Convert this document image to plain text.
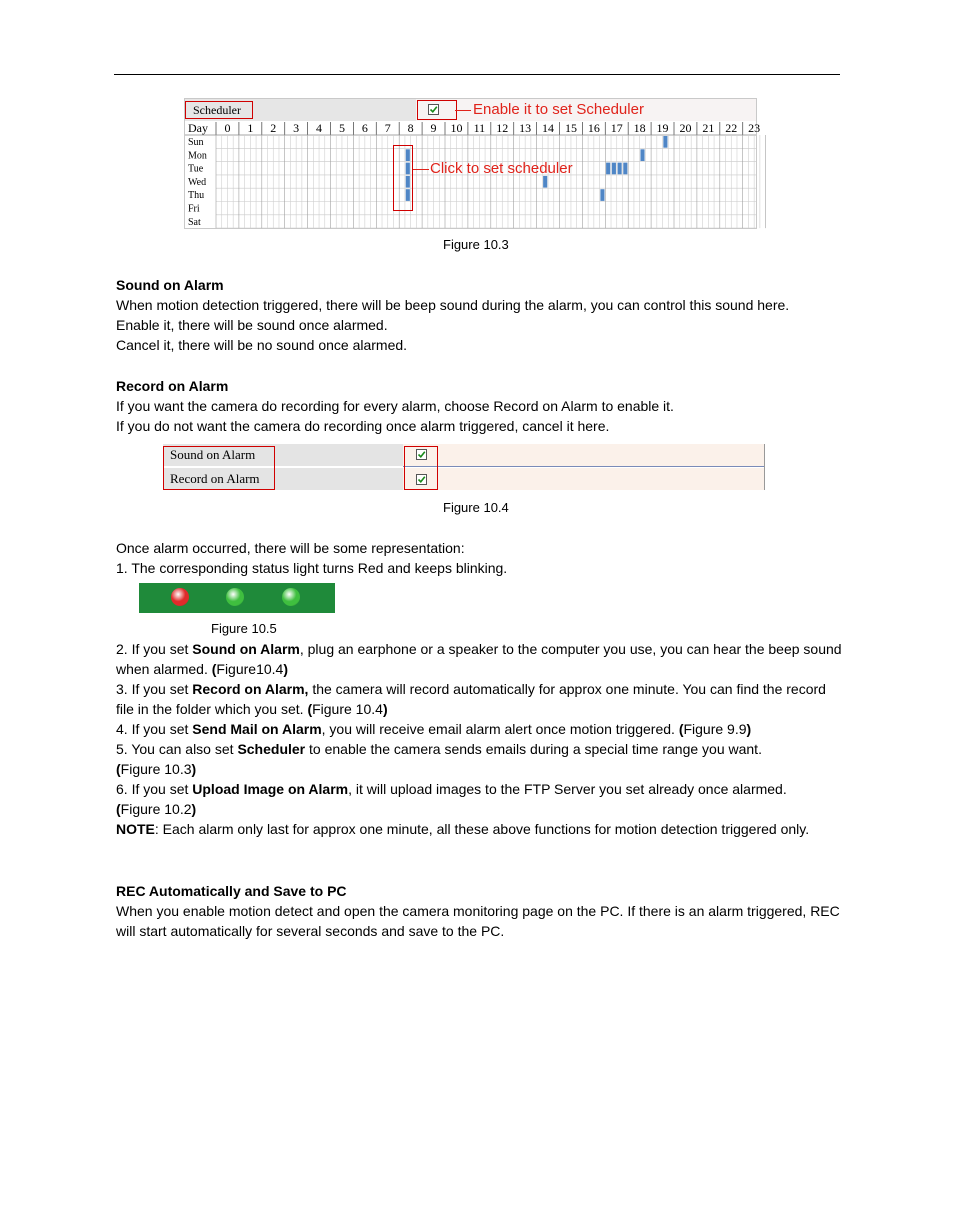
Scheduler
Day 0 1 2 3 4 5 6 7 8 9 10 11 12 13 14 15 16 17 18 19 20 21 22 23
Sun
Mon
Tue
Wed
Thu
Fri
Sat
Enable it to set Scheduler
Click to set scheduler
Figure 10.3
Sound on Alarm
When motion detection triggered, there will be beep sound during the alarm, you can control this sound here.
Enable it, there will be sound once alarmed.
Cancel it, there will be no sound once alarmed.
Record on Alarm
If you want the camera do recording for every alarm, choose Record on Alarm to enable it.
If you do not want the camera do recording once alarm triggered, cancel it here.
Sound on Alarm
Record on Alarm
Figure 10.4
Once alarm occurred, there will be some representation:
1. The corresponding status light turns Red and keeps blinking.
Figure 10.5
2. If you set Sound on Alarm, plug an earphone or a speaker to the computer you use, you can hear the beep sound when alarmed. (Figure10.4)
3. If you set Record on Alarm, the camera will record automatically for approx one minute. You can find the record file in the folder which you set. (Figure 10.4)
4. If you set Send Mail on Alarm, you will receive email alarm alert once motion triggered. (Figure 9.9)
5. You can also set Scheduler to enable the camera sends emails during a special time range you want.
(Figure 10.3)
6. If you set Upload Image on Alarm, it will upload images to the FTP Server you set already once alarmed.
(Figure 10.2)
NOTE: Each alarm only last for approx one minute, all these above functions for motion detection triggered only.
REC Automatically and Save to PC
When you enable motion detect and open the camera monitoring page on the PC. If there is an alarm triggered, REC will start automatically for several seconds and save to the PC.
